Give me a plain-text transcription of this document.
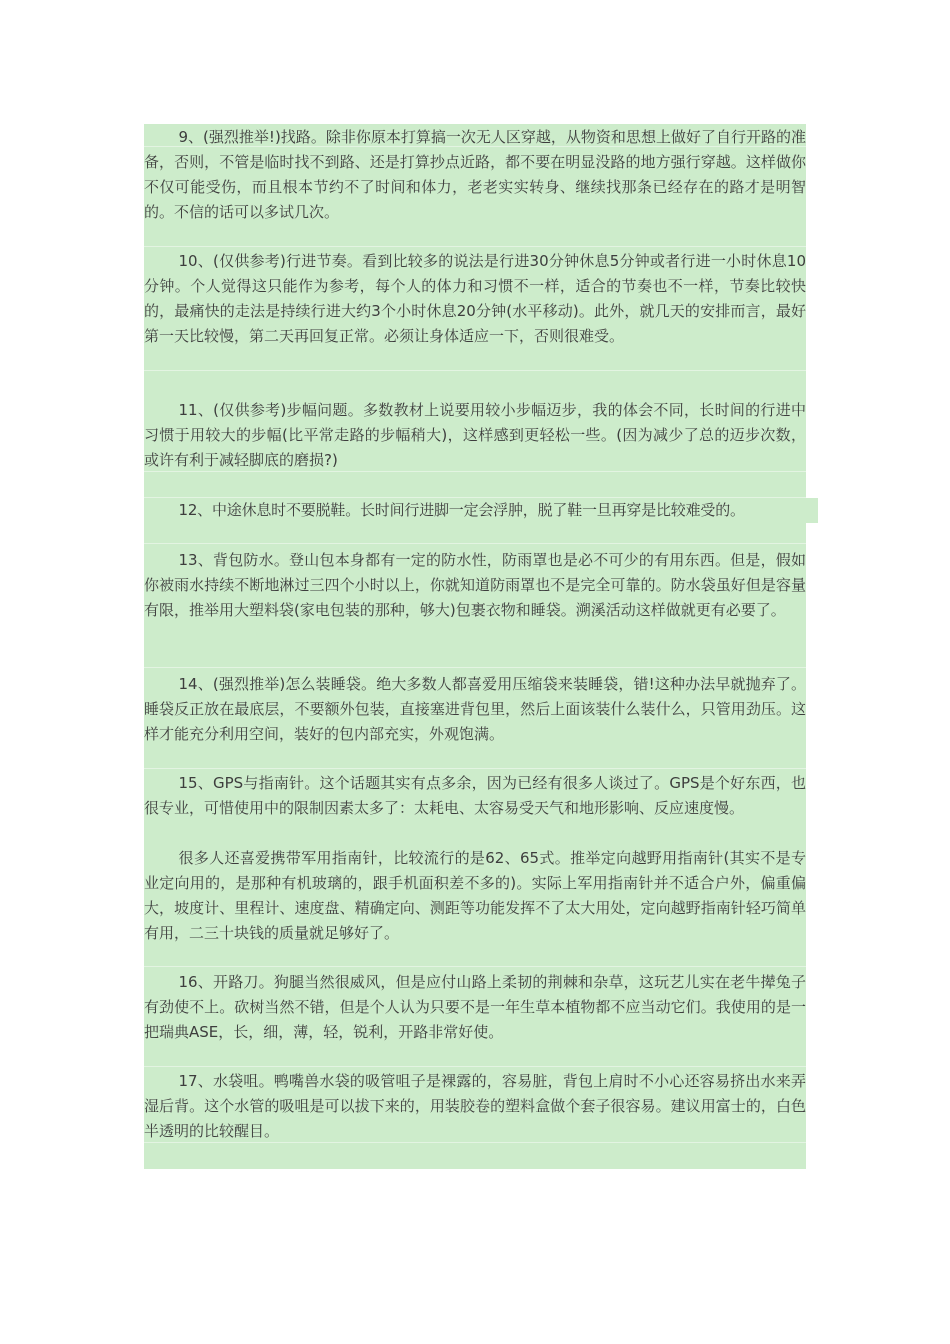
9、(强烈推举!)找路。除非你原本打算搞一次无人区穿越，从物资和思想上做好了自行开路的准备，否则，不管是临时找不到路、还是打算抄点近路，都不要在明显没路的地方强行穿越。这样做你不仅可能受伤，而且根本节约不了时间和体力，老老实实转身、继续找那条已经存在的路才是明智的。不信的话可以多试几次。

10、(仅供参考)行进节奏。看到比较多的说法是行进30分钟休息5分钟或者行进一小时休息10分钟。个人觉得这只能作为参考，每个人的体力和习惯不一样，适合的节奏也不一样，节奏比较快的，最痛快的走法是持续行进大约3个小时休息20分钟(水平移动)。此外，就几天的安排而言，最好第一天比较慢，第二天再回复正常。必须让身体适应一下，否则很难受。

11、(仅供参考)步幅问题。多数教材上说要用较小步幅迈步，我的体会不同，长时间的行进中习惯于用较大的步幅(比平常走路的步幅稍大)，这样感到更轻松一些。(因为减少了总的迈步次数，或许有利于减轻脚底的磨损?)

12、中途休息时不要脱鞋。长时间行进脚一定会浮肿，脱了鞋一旦再穿是比较难受的。

13、背包防水。登山包本身都有一定的防水性，防雨罩也是必不可少的有用东西。但是，假如你被雨水持续不断地淋过三四个小时以上，你就知道防雨罩也不是完全可靠的。防水袋虽好但是容量有限，推举用大塑料袋(家电包装的那种，够大)包裹衣物和睡袋。溯溪活动这样做就更有必要了。

14、(强烈推举)怎么装睡袋。绝大多数人都喜爱用压缩袋来装睡袋，错!这种办法早就抛弃了。睡袋反正放在最底层，不要额外包装，直接塞进背包里，然后上面该装什么装什么，只管用劲压。这样才能充分利用空间，装好的包内部充实，外观饱满。

15、GPS与指南针。这个话题其实有点多余，因为已经有很多人谈过了。GPS是个好东西，也很专业，可惜使用中的限制因素太多了：太耗电、太容易受天气和地形影响、反应速度慢。

很多人还喜爱携带军用指南针，比较流行的是62、65式。推举定向越野用指南针(其实不是专业定向用的，是那种有机玻璃的，跟手机面积差不多的)。实际上军用指南针并不适合户外，偏重偏大，坡度计、里程计、速度盘、精确定向、测距等功能发挥不了太大用处，定向越野指南针轻巧简单有用，二三十块钱的质量就足够好了。

16、开路刀。狗腿当然很威风，但是应付山路上柔韧的荆棘和杂草，这玩艺儿实在老牛撵兔子有劲使不上。砍树当然不错，但是个人认为只要不是一年生草本植物都不应当动它们。我使用的是一把瑞典ASE，长，细，薄，轻，锐利，开路非常好使。

17、水袋咀。鸭嘴兽水袋的吸管咀子是裸露的，容易脏，背包上肩时不小心还容易挤出水来弄湿后背。这个水管的吸咀是可以拔下来的，用装胶卷的塑料盒做个套子很容易。建议用富士的，白色半透明的比较醒目。
